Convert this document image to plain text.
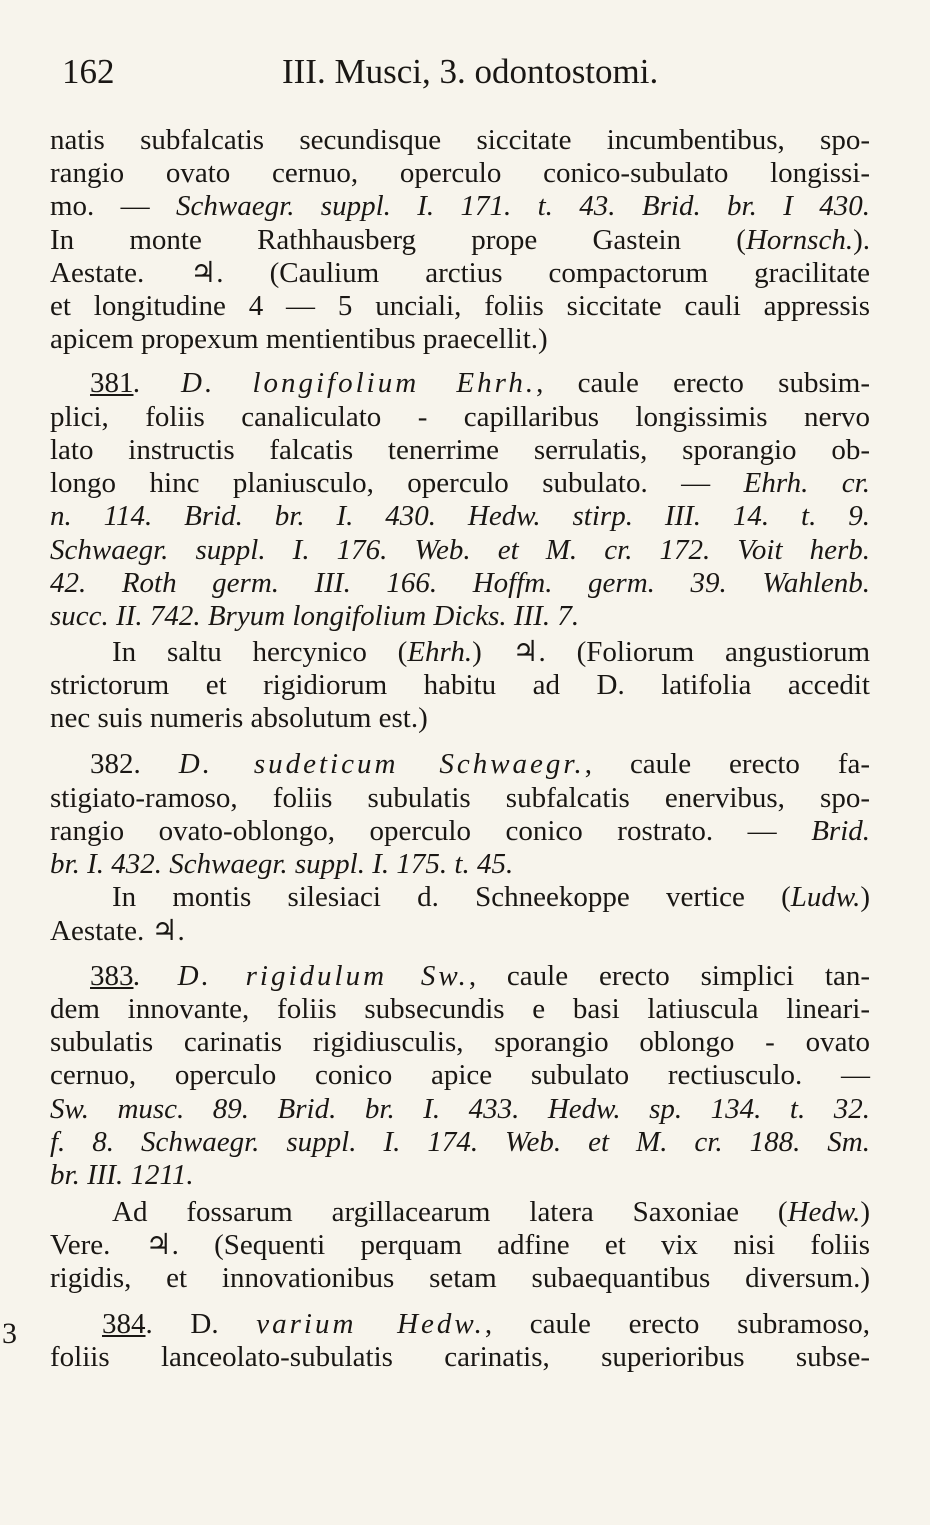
162	III. Musci, 3. odontostomi.
natis subfalcatis secundisque siccitate incumbentibus, spo-
rangio ovato cernuo, operculo conico-subulato longissi-
mo. — Schwaegr. suppl. I. 171. t. 43. Brid. br. I 430.
In monte Rathhausberg prope Gastein (Hornsch.).
Aestate. ♃. (Caulium arctius compactorum gracilitate
et longitudine 4 — 5 unciali, foliis siccitate cauli appressis
apicem propexum mentientibus praecellit.)
381. D. longifolium Ehrh., caule erecto subsim-
plici, foliis canaliculato - capillaribus longissimis nervo
lato instructis falcatis tenerrime serrulatis, sporangio ob-
longo hinc planiusculo, operculo subulato. — Ehrh. cr.
n. 114. Brid. br. I. 430. Hedw. stirp. III. 14. t. 9.
Schwaegr. suppl. I. 176. Web. et M. cr. 172. Voit herb.
42. Roth germ. III. 166. Hoffm. germ. 39. Wahlenb.
succ. II. 742. Bryum longifolium Dicks. III. 7.
In saltu hercynico (Ehrh.) ♃. (Foliorum angustiorum
strictorum et rigidiorum habitu ad D. latifolia accedit
nec suis numeris absolutum est.)
382. D. sudeticum Schwaegr., caule erecto fa-
stigiato-ramoso, foliis subulatis subfalcatis enervibus, spo-
rangio ovato-oblongo, operculo conico rostrato. — Brid.
br. I. 432. Schwaegr. suppl. I. 175. t. 45.
In montis silesiaci d. Schneekoppe vertice (Ludw.)
Aestate. ♃.
383. D. rigidulum Sw., caule erecto simplici tan-
dem innovante, foliis subsecundis e basi latiuscula lineari-
subulatis carinatis rigidiusculis, sporangio oblongo - ovato
cernuo, operculo conico apice subulato rectiusculo. —
Sw. musc. 89. Brid. br. I. 433. Hedw. sp. 134. t. 32.
f. 8. Schwaegr. suppl. I. 174. Web. et M. cr. 188. Sm.
br. III. 1211.
Ad fossarum argillacearum latera Saxoniae (Hedw.)
Vere. ♃. (Sequenti perquam adfine et vix nisi foliis
rigidis, et innovationibus setam subaequantibus diversum.)
3	384. D. varium Hedw., caule erecto subramoso,
foliis lanceolato-subulatis carinatis, superioribus subse-
